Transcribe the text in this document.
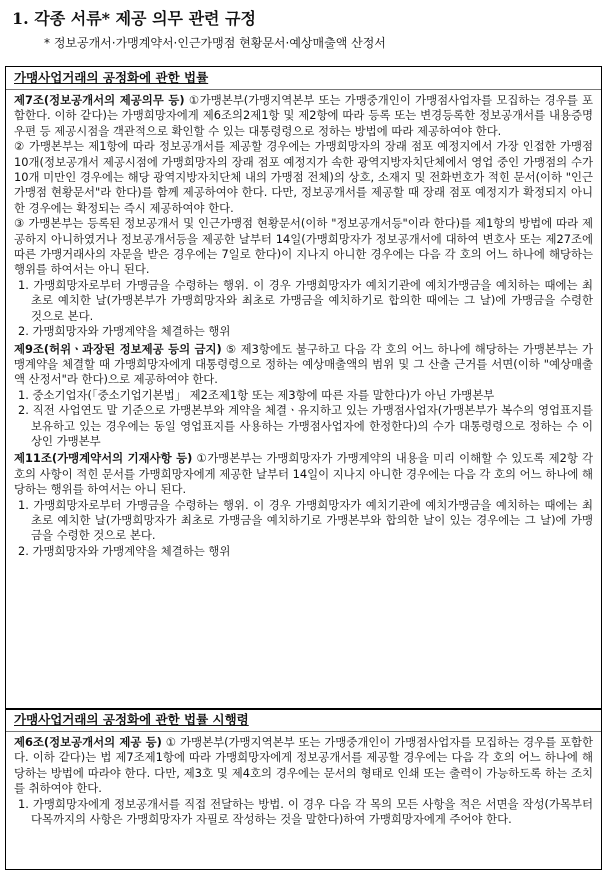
1. 각종 서류* 제공 의무 관련 규정
* 정보공개서·가맹계약서·인근가맹점 현황문서·예상매출액 산정서
가맹사업거래의 공정화에 관한 법률

제7조(정보공개서의 제공의무 등) ①가맹본부(가맹지역본부 또는 가맹중개인이 가맹점사업자를 모집하는 경우를 포함한다. 이하 같다)는 가맹희망자에게 제6조의2제1항 및 제2항에 따라 등록 또는 변경등록한 정보공개서를 내용증명우편 등 제공시점을 객관적으로 확인할 수 있는 대통령령으로 정하는 방법에 따라 제공하여야 한다.

② 가맹본부는 제1항에 따라 정보공개서를 제공할 경우에는 가맹희망자의 장래 점포 예정지에서 가장 인접한 가맹점 10개(정보공개서 제공시점에 가맹희망자의 장래 점포 예정지가 속한 광역지방자치단체에서 영업 중인 가맹점의 수가 10개 미만인 경우에는 해당 광역지방자치단체 내의 가맹점 전체)의 상호, 소재지 및 전화번호가 적힌 문서(이하 "인근가맹점 현황문서"라 한다)를 함께 제공하여야 한다. 다만, 정보공개서를 제공할 때 장래 점포 예정지가 확정되지 아니한 경우에는 확정되는 즉시 제공하여야 한다.

③ 가맹본부는 등록된 정보공개서 및 인근가맹점 현황문서(이하 "정보공개서등"이라 한다)를 제1항의 방법에 따라 제공하지 아니하였거나 정보공개서등을 제공한 날부터 14일(가맹희망자가 정보공개서에 대하여 변호사 또는 제27조에 따른 가맹거래사의 자문을 받은 경우에는 7일로 한다)이 지나지 아니한 경우에는 다음 각 호의 어느 하나에 해당하는 행위를 하여서는 아니 된다.

1. 가맹희망자로부터 가맹금을 수령하는 행위. 이 경우 가맹희망자가 예치기관에 예치가맹금을 예치하는 때에는 최초로 예치한 날(가맹본부가 가맹희망자와 최초로 가맹금을 예치하기로 합의한 때에는 그 날)에 가맹금을 수령한 것으로 본다.

2. 가맹희망자와 가맹계약을 체결하는 행위

제9조(허위ㆍ과장된 정보제공 등의 금지) ⑤ 제3항에도 불구하고 다음 각 호의 어느 하나에 해당하는 가맹본부는 가맹계약을 체결할 때 가맹희망자에게 대통령령으로 정하는 예상매출액의 범위 및 그 산출 근거를 서면(이하 "예상매출액 산정서"라 한다)으로 제공하여야 한다.

1. 중소기업자(「중소기업기본법」 제2조제1항 또는 제3항에 따른 자를 말한다)가 아닌 가맹본부

2. 직전 사업연도 말 기준으로 가맹본부와 계약을 체결ㆍ유지하고 있는 가맹점사업자(가맹본부가 복수의 영업표지를 보유하고 있는 경우에는 동일 영업표지를 사용하는 가맹점사업자에 한정한다)의 수가 대통령령으로 정하는 수 이상인 가맹본부

제11조(가맹계약서의 기재사항 등) ①가맹본부는 가맹희망자가 가맹계약의 내용을 미리 이해할 수 있도록 제2항 각 호의 사항이 적힌 문서를 가맹희망자에게 제공한 날부터 14일이 지나지 아니한 경우에는 다음 각 호의 어느 하나에 해당하는 행위를 하여서는 아니 된다.

1. 가맹희망자로부터 가맹금을 수령하는 행위. 이 경우 가맹희망자가 예치기관에 예치가맹금을 예치하는 때에는 최초로 예치한 날(가맹희망자가 최초로 가맹금을 예치하기로 가맹본부와 합의한 날이 있는 경우에는 그 날)에 가맹금을 수령한 것으로 본다.

2. 가맹희망자와 가맹계약을 체결하는 행위

가맹사업거래의 공정화에 관한 법률 시행령

제6조(정보공개서의 제공 등) ① 가맹본부(가맹지역본부 또는 가맹중개인이 가맹점사업자를 모집하는 경우를 포함한다. 이하 같다)는 법 제7조제1항에 따라 가맹희망자에게 정보공개서를 제공할 경우에는 다음 각 호의 어느 하나에 해당하는 방법에 따라야 한다. 다만, 제3호 및 제4호의 경우에는 문서의 형태로 인쇄 또는 출력이 가능하도록 하는 조치를 취하여야 한다.

1. 가맹희망자에게 정보공개서를 직접 전달하는 방법. 이 경우 다음 각 목의 모든 사항을 적은 서면을 작성(가목부터 다목까지의 사항은 가맹희망자가 자필로 작성하는 것을 말한다)하여 가맹희망자에게 주어야 한다.
